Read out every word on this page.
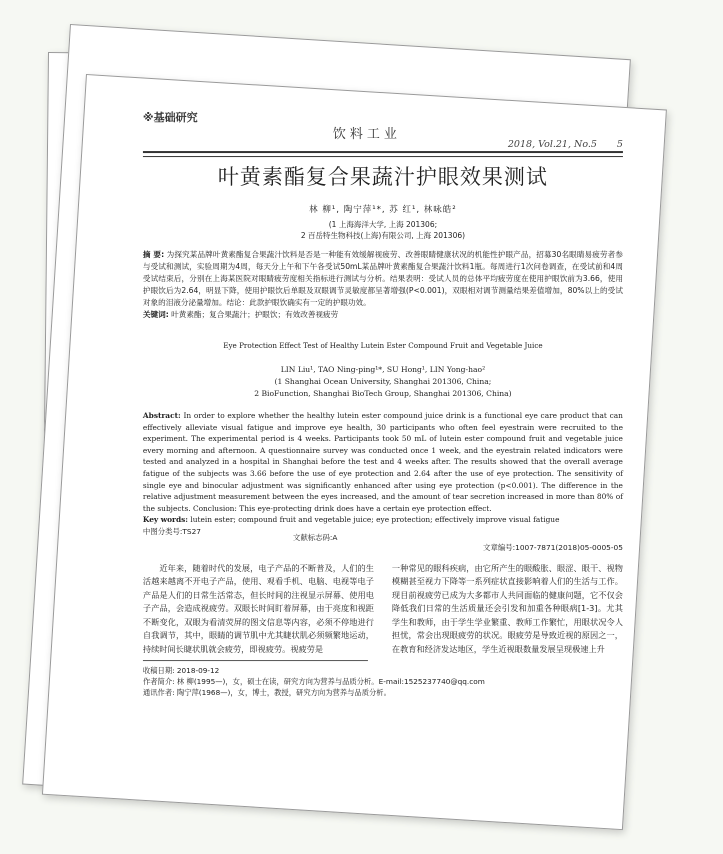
※基础研究
饮料工业
2018, Vol.21, No.5 5
叶黄素酯复合果蔬汁护眼效果测试
林 柳¹, 陶宁萍¹*, 苏 红¹, 林咏皓²
(1 上海海洋大学, 上海 201306;
2 百岳特生物科技(上海)有限公司, 上海 201306)
摘 要: 为探究某品牌叶黄素酯复合果蔬汁饮料是否是一种能有效缓解视疲劳、改善眼睛健康状况的机能性护眼产品，招募30名眼睛易疲劳者参与受试和测试，实验周期为4周，每天分上午和下午各受试50mL某品牌叶黄素酯复合果蔬汁饮料1瓶。每周进行1次问卷调查，在受试前和4周受试结束后，分别在上海某医院对眼睛疲劳度相关指标进行测试与分析。结果表明：受试人员的总体平均疲劳度在使用护眼饮前为3.66，使用护眼饮后为2.64，明显下降，使用护眼饮后单眼及双眼调节灵敏度都呈著增强(P<0.001)，双眼相对调节测量结果差值增加，80%以上的受试对象的泪液分泌量增加。结论：此款护眼饮确实有一定的护眼功效。
关键词: 叶黄素酯；复合果蔬汁；护眼饮；有效改善视疲劳
Eye Protection Effect Test of Healthy Lutein Ester Compound Fruit and Vegetable Juice
LIN Liu¹, TAO Ning-ping¹*, SU Hong¹, LIN Yong-hao²
(1 Shanghai Ocean University, Shanghai 201306, China;
2 BioFunction, Shanghai BioTech Group, Shanghai 201306, China)
Abstract: In order to explore whether the healthy lutein ester compound juice drink is a functional eye care product that can effectively alleviate visual fatigue and improve eye health, 30 participants who often feel eyestrain were recruited to the experiment. The experimental period is 4 weeks. Participants took 50 mL of lutein ester compound fruit and vegetable juice every morning and afternoon. A questionnaire survey was conducted once 1 week, and the eyestrain related indicators were tested and analyzed in a hospital in Shanghai before the test and 4 weeks after. The results showed that the overall average fatigue of the subjects was 3.66 before the use of eye protection and 2.64 after the use of eye protection. The sensitivity of single eye and binocular adjustment was significantly enhanced after using eye protection (p<0.001). The difference in the relative adjustment measurement between the eyes increased, and the amount of tear secretion increased in more than 80% of the subjects. Conclusion: This eye-protecting drink does have a certain eye protection effect.
Key words: lutein ester; compound fruit and vegetable juice; eye protection; effectively improve visual fatigue
中图分类号:TS27
文献标志码:A
文章编号:1007-7871(2018)05-0005-05

近年来，随着时代的发展，电子产品的不断普及，人们的生活越来越离不开电子产品，使用、观看手机、电脑、电视等电子产品是人们的日常生活常态，但长时间的注视显示屏幕、使用电子产品，会造成视疲劳。双眼长时间盯着屏幕，由于亮度和视距不断变化，双眼为看清荧屏的图文信息等内容，必须不停地进行自我调节，其中，眼睛的调节肌中尤其睫状肌必须频繁地运动，持续时间长睫状肌就会疲劳，即视疲劳。视疲劳是

一种常见的眼科疾病，由它所产生的眼酸胀、眼涩、眼干、视物模糊甚至视力下降等一系列症状直接影响着人们的生活与工作。现目前视疲劳已成为大多都市人共同面临的健康问题，它不仅会降低我们日常的生活质量还会引发和加重各种眼病[1-3]。尤其学生和教师，由于学生学业繁重、教师工作繁忙，用眼状况令人担忧，常会出现眼疲劳的状况。眼疲劳是导致近视的原因之一，在教育和经济发达地区，学生近视眼数量发展呈现极速上升

收稿日期: 2018-09-12
作者简介: 林 柳(1995—)，女，硕士在读，研究方向为营养与品质分析。E-mail:1525237740@qq.com
通讯作者: 陶宁萍(1968—)，女，博士，教授，研究方向为营养与品质分析。
